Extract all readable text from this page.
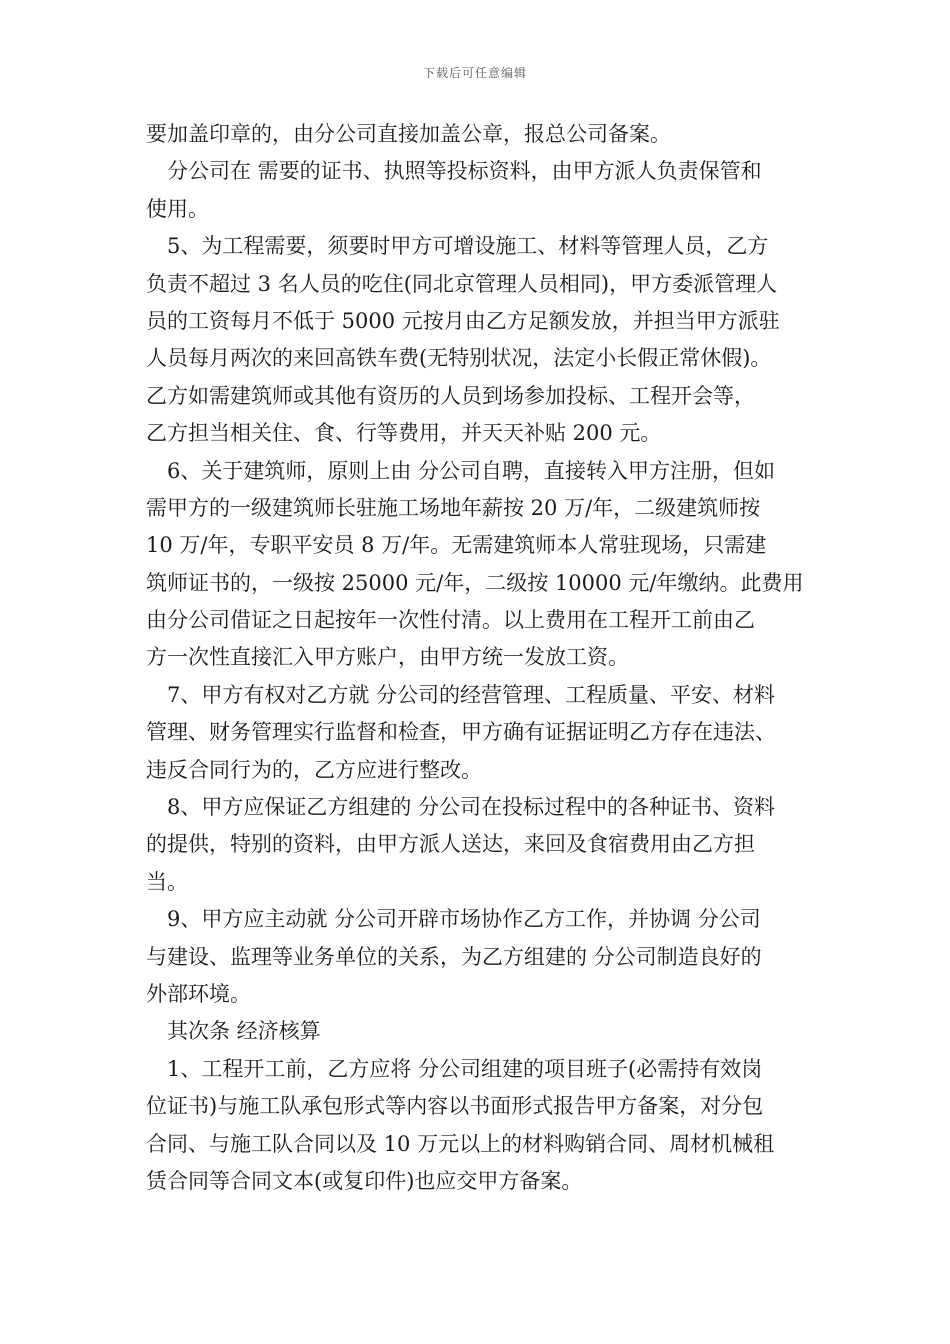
下载后可任意编辑
要加盖印章的，由分公司直接加盖公章，报总公司备案。
　分公司在 需要的证书、执照等投标资料，由甲方派人负责保管和
使用。
　5、为工程需要，须要时甲方可增设施工、材料等管理人员，乙方
负责不超过 3 名人员的吃住(同北京管理人员相同)，甲方委派管理人
员的工资每月不低于 5000 元按月由乙方足额发放，并担当甲方派驻
人员每月两次的来回高铁车费(无特别状况，法定小长假正常休假)。
乙方如需建筑师或其他有资历的人员到场参加投标、工程开会等，
乙方担当相关住、食、行等费用，并天天补贴 200 元。
　6、关于建筑师，原则上由 分公司自聘，直接转入甲方注册，但如
需甲方的一级建筑师长驻施工场地年薪按 20 万/年，二级建筑师按
10 万/年，专职平安员 8 万/年。无需建筑师本人常驻现场，只需建
筑师证书的，一级按 25000 元/年，二级按 10000 元/年缴纳。此费用
由分公司借证之日起按年一次性付清。以上费用在工程开工前由乙
方一次性直接汇入甲方账户，由甲方统一发放工资。
　7、甲方有权对乙方就 分公司的经营管理、工程质量、平安、材料
管理、财务管理实行监督和检查，甲方确有证据证明乙方存在违法、
违反合同行为的，乙方应进行整改。
　8、甲方应保证乙方组建的 分公司在投标过程中的各种证书、资料
的提供，特别的资料，由甲方派人送达，来回及食宿费用由乙方担
当。
　9、甲方应主动就 分公司开辟市场协作乙方工作，并协调 分公司
与建设、监理等业务单位的关系，为乙方组建的 分公司制造良好的
外部环境。
　其次条 经济核算
　1、工程开工前，乙方应将 分公司组建的项目班子(必需持有效岗
位证书)与施工队承包形式等内容以书面形式报告甲方备案，对分包
合同、与施工队合同以及 10 万元以上的材料购销合同、周材机械租
赁合同等合同文本(或复印件)也应交甲方备案。
